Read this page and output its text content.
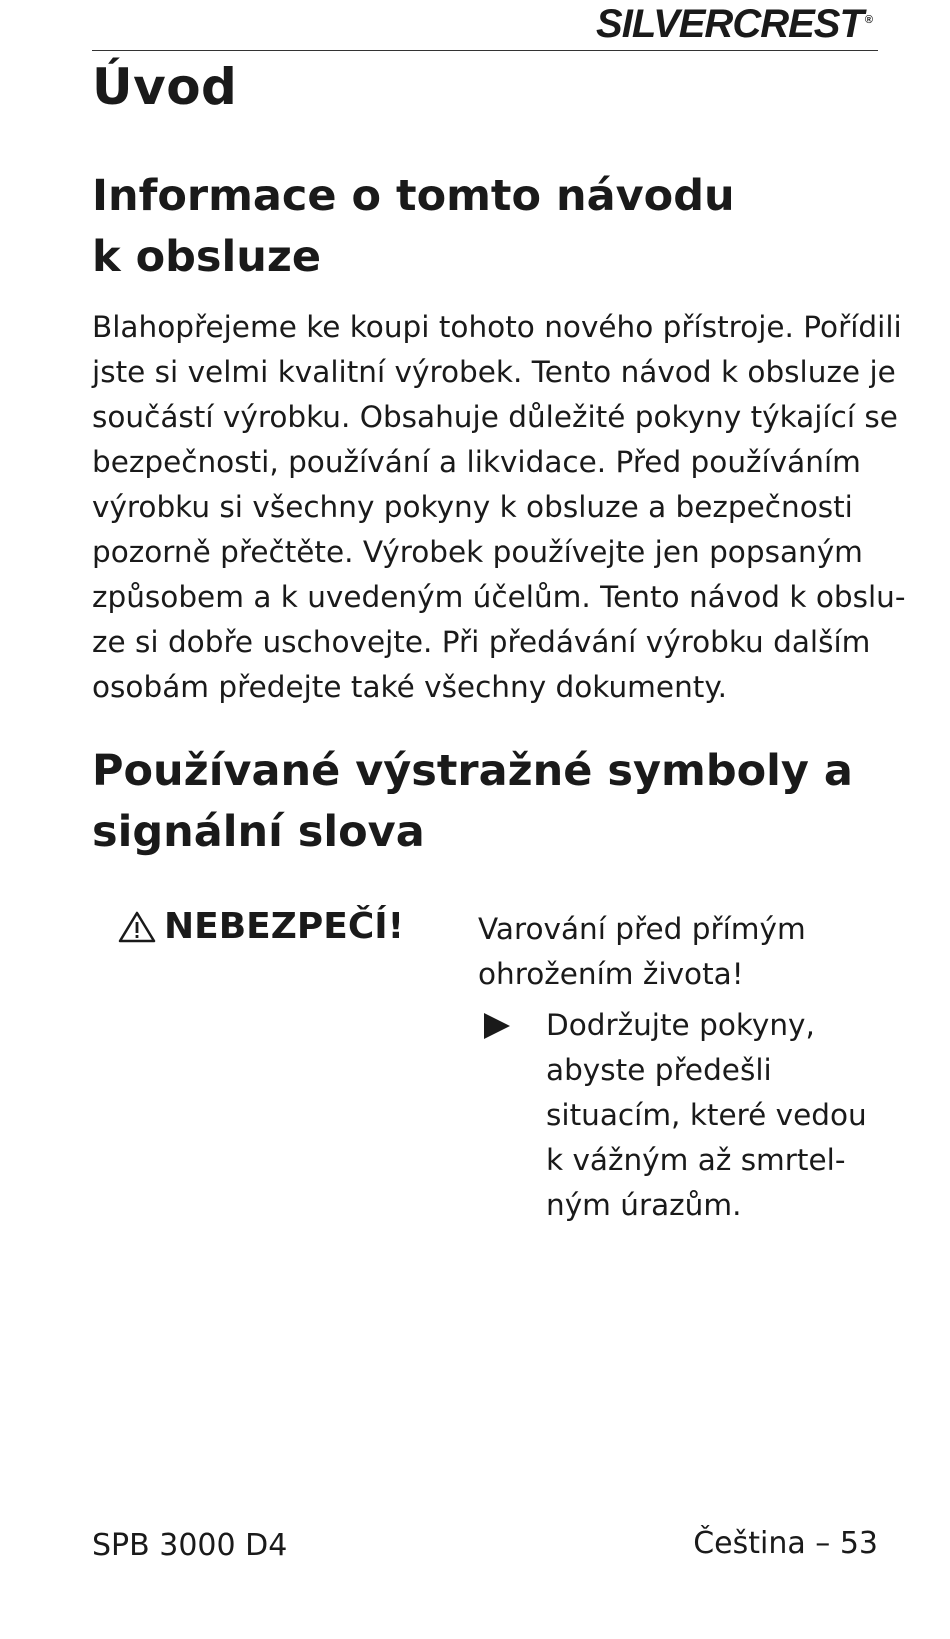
SILVERCREST ®
Úvod
Informace o tomto návodu
k obsluze

Blahopřejeme ke koupi tohoto nového přístroje. Pořídili
jste si velmi kvalitní výrobek. Tento návod k obsluze je
součástí výrobku. Obsahuje důležité pokyny týkající se
bezpečnosti, používání a likvidace. Před používáním
výrobku si všechny pokyny k obsluze a bezpečnosti
pozorně přečtěte. Výrobek používejte jen popsaným
způsobem a k uvedeným účelům. Tento návod k obslu-
ze si dobře uschovejte. Při předávání výrobku dalším
osobám předejte také všechny dokumenty.

Používané výstražné symboly a
signální slova
NEBEZPEČÍ!	Varování před přímým
ohrožením života!
Dodržujte pokyny,
abyste předešli
situacím, které vedou
k vážným až smrtel-
ným úrazům.
SPB 3000 D4	Čeština – 53
